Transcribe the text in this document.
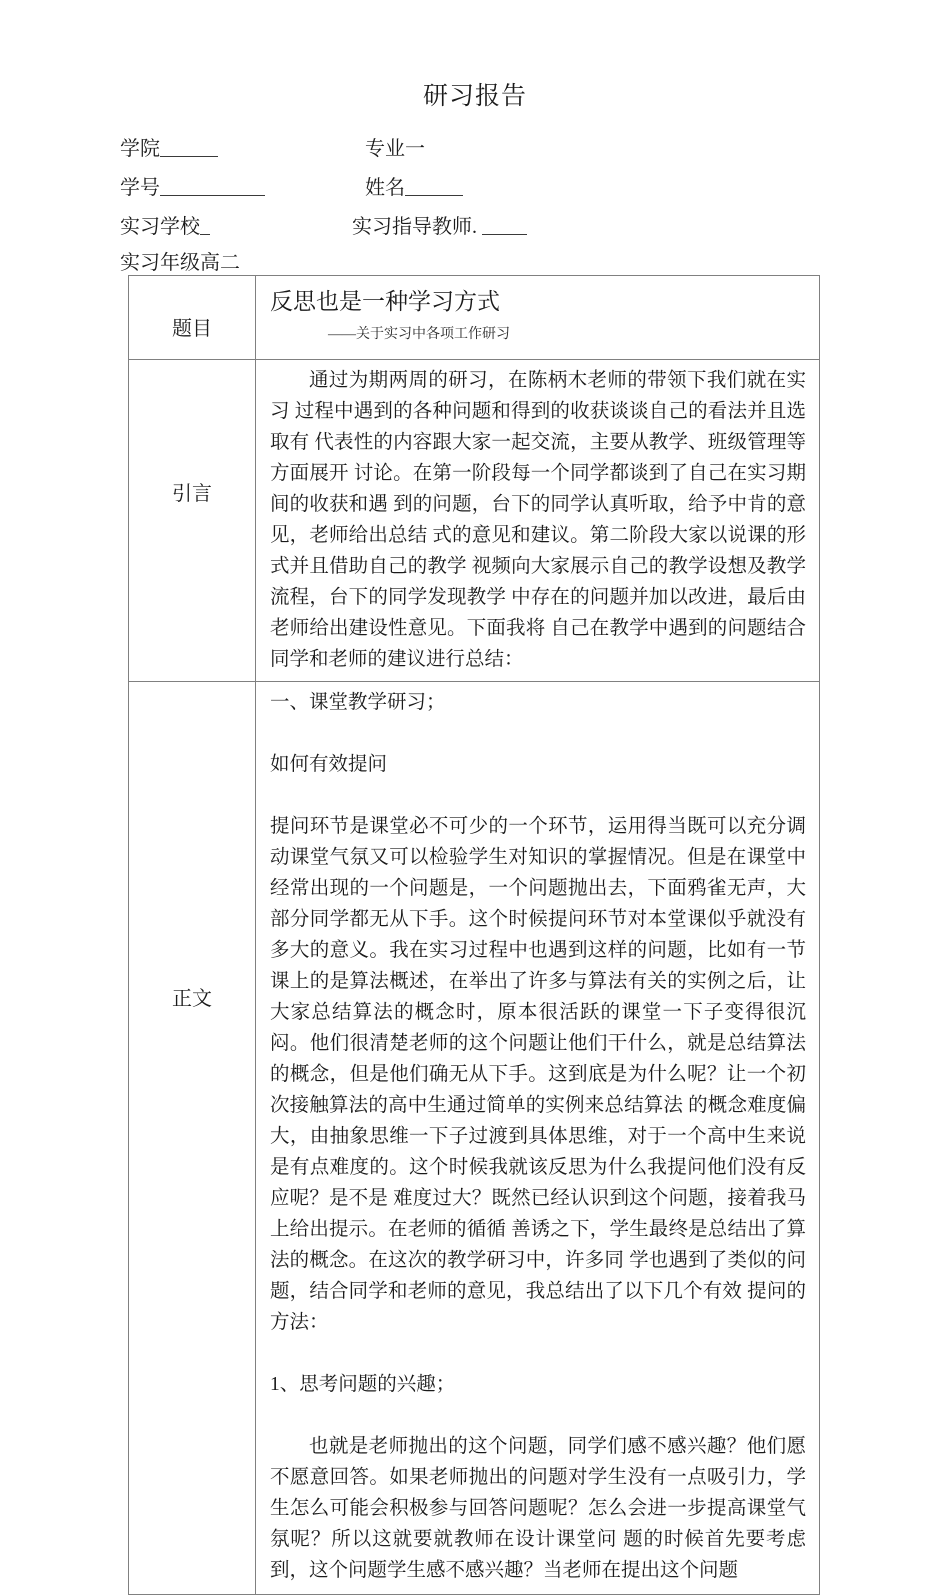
研习报告
学院	专业一
学号	姓名
实习学校	实习指导教师.
实习年级高二
题目	反思也是一种学习方式

——关于实习中各项工作研习

引言	通过为期两周的研习，在陈柄木老师的带领下我们就在实习 过程中遇到的各种问题和得到的收获谈谈自己的看法并且选取有 代表性的内容跟大家一起交流，主要从教学、班级管理等方面展开 讨论。在第一阶段每一个同学都谈到了自己在实习期间的收获和遇 到的问题，台下的同学认真听取，给予中肯的意见，老师给出总结 式的意见和建议。第二阶段大家以说课的形式并且借助自己的教学 视频向大家展示自己的教学设想及教学流程，台下的同学发现教学 中存在的问题并加以改进，最后由老师给出建设性意见。下面我将 自己在教学中遇到的问题结合同学和老师的建议进行总结：

正文	一、课堂教学研习；

如何有效提问

提问环节是课堂必不可少的一个环节，运用得当既可以充分调动课堂气氛又可以检验学生对知识的掌握情况。但是在课堂中经常出现的一个问题是，一个问题抛出去，下面鸦雀无声，大部分同学都无从下手。这个时候提问环节对本堂课似乎就没有多大的意义。我在实习过程中也遇到这样的问题，比如有一节课上的是算法概述，在举出了许多与算法有关的实例之后，让大家总结算法的概念时，原本很活跃的课堂一下子变得很沉闷。他们很清楚老师的这个问题让他们干什么，就是总结算法的概念，但是他们确无从下手。这到底是为什么呢？让一个初次接触算法的高中生通过简单的实例来总结算法 的概念难度偏大，由抽象思维一下子过渡到具体思维，对于一个高中生来说 是有点难度的。这个时候我就该反思为什么我提问他们没有反应呢？是不是 难度过大？既然已经认识到这个问题，接着我马上给出提示。在老师的循循 善诱之下，学生最终是总结出了算法的概念。在这次的教学研习中，许多同 学也遇到了类似的问题，结合同学和老师的意见，我总结出了以下几个有效 提问的方法：

1、思考问题的兴趣；

也就是老师抛出的这个问题，同学们感不感兴趣？他们愿不愿意回答。如果老师抛出的问题对学生没有一点吸引力，学生怎么可能会积极参与回答问题呢？怎么会进一步提高课堂气氛呢？所以这就要就教师在设计课堂问 题的时候首先要考虑到，这个问题学生感不感兴趣？当老师在提出这个问题
